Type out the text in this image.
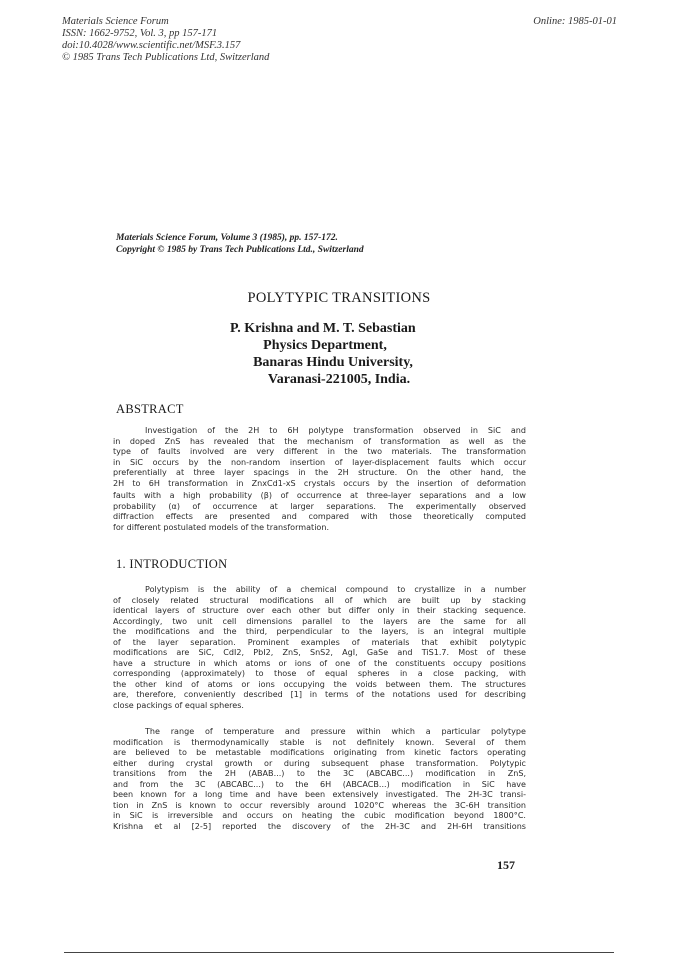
Materials Science Forum
ISSN: 1662-9752, Vol. 3, pp 157-171
doi:10.4028/www.scientific.net/MSF.3.157
© 1985 Trans Tech Publications Ltd, Switzerland
Online: 1985-01-01
Materials Science Forum, Volume 3 (1985), pp. 157-172.
Copyright © 1985 by Trans Tech Publications Ltd., Switzerland
POLYTYPIC TRANSITIONS
P. Krishna and M. T. Sebastian
Physics Department,
Banaras Hindu University,
Varanasi-221005, India.
ABSTRACT
Investigation of the 2H to 6H polytype transformation observed in SiC and
in doped ZnS has revealed that the mechanism of transformation as well as the
type of faults involved are very different in the two materials. The transformation
in SiC occurs by the non-random insertion of layer-displacement faults which occur
preferentially at three layer spacings in the 2H structure. On the other hand, the
2H to 6H transformation in ZnxCd1-xS crystals occurs by the insertion of deformation
faults with a high probability (β) of occurrence at three-layer separations and a low
probability (α) of occurrence at larger separations. The experimentally observed
diffraction effects are presented and compared with those theoretically computed
for different postulated models of the transformation.
1. INTRODUCTION
Polytypism is the ability of a chemical compound to crystallize in a number
of closely related structural modifications all of which are built up by stacking
identical layers of structure over each other but differ only in their stacking sequence.
Accordingly, two unit cell dimensions parallel to the layers are the same for all
the modifications and the third, perpendicular to the layers, is an integral multiple
of the layer separation. Prominent examples of materials that exhibit polytypic
modifications are SiC, CdI2, PbI2, ZnS, SnS2, AgI, GaSe and TiS1.7. Most of these
have a structure in which atoms or ions of one of the constituents occupy positions
corresponding (approximately) to those of equal spheres in a close packing, with
the other kind of atoms or ions occupying the voids between them. The structures
are, therefore, conveniently described [1] in terms of the notations used for describing
close packings of equal spheres.
The range of temperature and pressure within which a particular polytype
modification is thermodynamically stable is not definitely known. Several of them
are believed to be metastable modifications originating from kinetic factors operating
either during crystal growth or during subsequent phase transformation. Polytypic
transitions from the 2H (ABAB...) to the 3C (ABCABC...) modification in ZnS,
and from the 3C (ABCABC...) to the 6H (ABCACB...) modification in SiC have
been known for a long time and have been extensively investigated. The 2H-3C transi-
tion in ZnS is known to occur reversibly around 1020°C whereas the 3C-6H transition
in SiC is irreversible and occurs on heating the cubic modification beyond 1800°C.
Krishna et al [2-5] reported the discovery of the 2H-3C and 2H-6H transitions
157
